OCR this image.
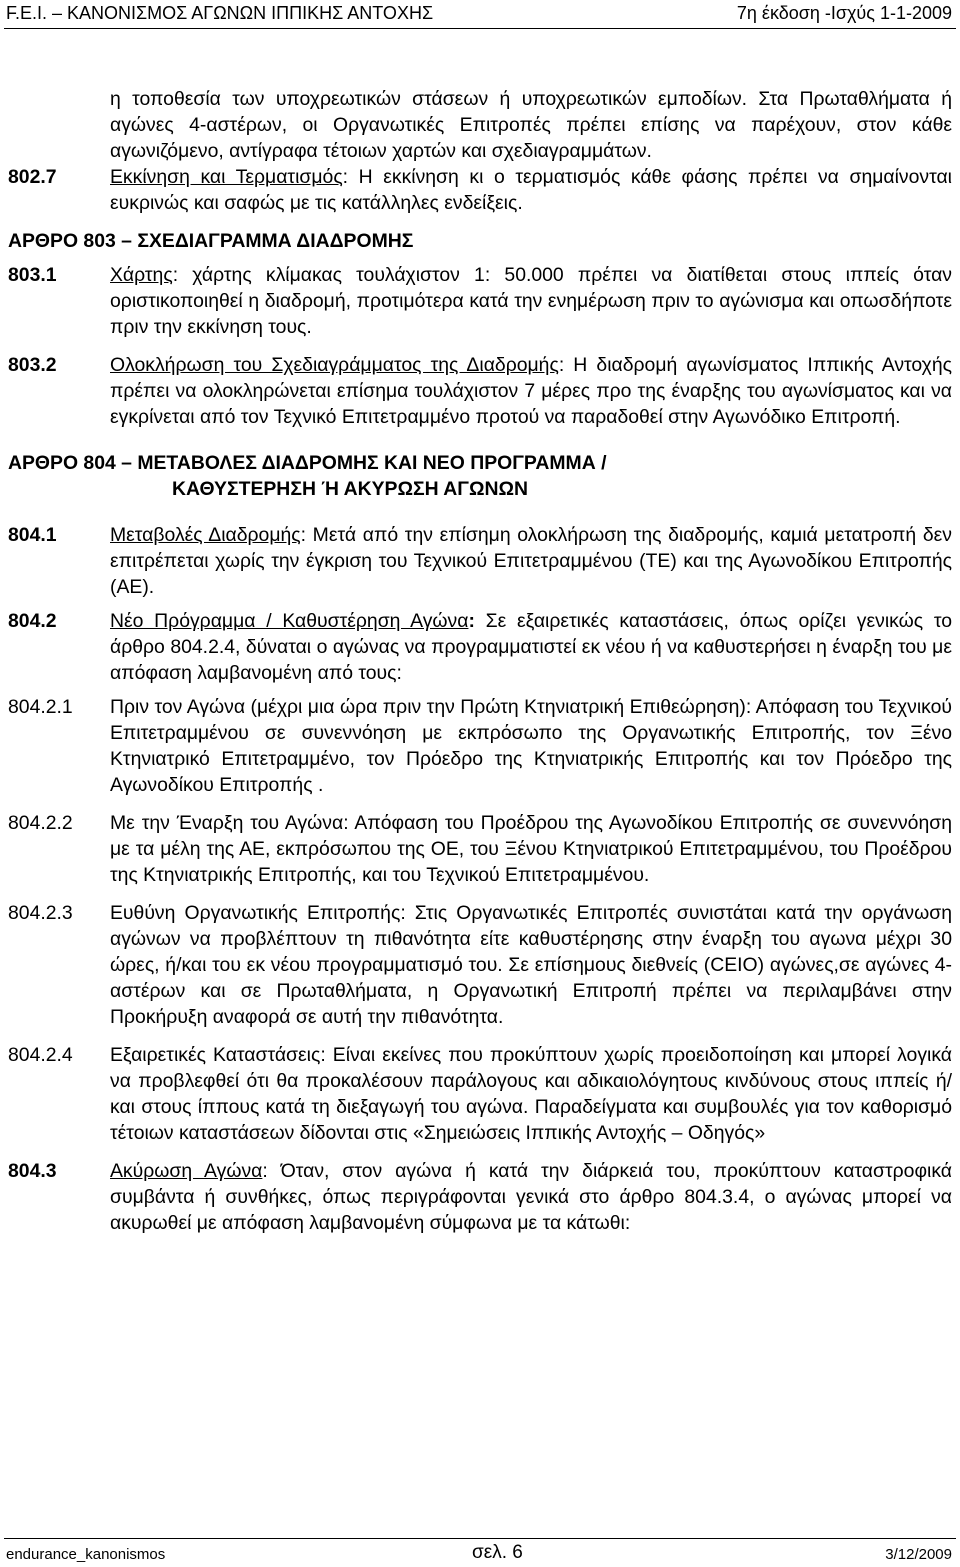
F.E.I. – ΚΑΝΟΝΙΣΜΟΣ ΑΓΩΝΩΝ ΙΠΠΙΚΗΣ ΑΝΤΟΧΗΣ	7η έκδοση -Ισχύς 1-1-2009
η τοποθεσία των υποχρεωτικών στάσεων ή υποχρεωτικών εμποδίων. Στα Πρωταθλήματα ή αγώνες 4-αστέρων, οι Οργανωτικές Επιτροπές πρέπει επίσης να παρέχουν, στον κάθε αγωνιζόμενο, αντίγραφα τέτοιων χαρτών και σχεδιαγραμμάτων.
802.7	Εκκίνηση και Τερματισμός: Η εκκίνηση κι ο τερματισμός κάθε φάσης πρέπει να σημαίνονται ευκρινώς και σαφώς με τις κατάλληλες ενδείξεις.
ΑΡΘΡΟ 803 – ΣΧΕΔΙΑΓΡΑΜΜΑ ΔΙΑΔΡΟΜΗΣ
803.1	Χάρτης: χάρτης κλίμακας τουλάχιστον 1: 50.000 πρέπει να διατίθεται στους ιππείς όταν οριστικοποιηθεί η διαδρομή, προτιμότερα κατά την ενημέρωση πριν το αγώνισμα και οπωσδήποτε πριν την εκκίνηση τους.
803.2	Ολοκλήρωση του Σχεδιαγράμματος της Διαδρομής: Η διαδρομή αγωνίσματος Ιππικής Αντοχής πρέπει να ολοκληρώνεται επίσημα τουλάχιστον 7 μέρες προ της έναρξης του αγωνίσματος και να εγκρίνεται από τον Τεχνικό Επιτετραμμένο προτού να παραδοθεί στην Αγωνόδικο Επιτροπή.
ΑΡΘΡΟ 804 – ΜΕΤΑΒΟΛΕΣ ΔΙΑΔΡΟΜΗΣ ΚΑΙ ΝΕΟ ΠΡΟΓΡΑΜΜΑ /
ΚΑΘΥΣΤΕΡΗΣΗ Ή ΑΚΥΡΩΣΗ ΑΓΩΝΩΝ
804.1	Μεταβολές Διαδρομής: Μετά από την επίσημη ολοκλήρωση της διαδρομής, καμιά μετατροπή δεν επιτρέπεται χωρίς την έγκριση του Τεχνικού Επιτετραμμένου (ΤΕ) και της Αγωνοδίκου Επιτροπής (ΑΕ).
804.2	Νέο Πρόγραμμα / Καθυστέρηση Αγώνα: Σε εξαιρετικές καταστάσεις, όπως ορίζει γενικώς το άρθρο 804.2.4, δύναται ο αγώνας να προγραμματιστεί εκ νέου ή να καθυστερήσει η έναρξη του με απόφαση λαμβανομένη από τους:
804.2.1 Πριν τον Αγώνα (μέχρι μια ώρα πριν την Πρώτη Κτηνιατρική Επιθεώρηση): Απόφαση του Τεχνικού Επιτετραμμένου σε συνεννόηση με εκπρόσωπο της Οργανωτικής Επιτροπής, τον Ξένο Κτηνιατρικό Επιτετραμμένο, τον Πρόεδρο της Κτηνιατρικής Επιτροπής και τον Πρόεδρο της Αγωνοδίκου Επιτροπής .
804.2.2 Με την Έναρξη του Αγώνα: Απόφαση του Προέδρου της Αγωνοδίκου Επιτροπής σε συνεννόηση με τα μέλη της ΑΕ, εκπρόσωπου της ΟΕ, του Ξένου Κτηνιατρικού Επιτετραμμένου, του Προέδρου της Κτηνιατρικής Επιτροπής, και του Τεχνικού Επιτετραμμένου.
804.2.3 Ευθύνη Οργανωτικής Επιτροπής: Στις Οργανωτικές Επιτροπές συνιστάται κατά την οργάνωση αγώνων να προβλέπτουν τη πιθανότητα είτε καθυστέρησης στην έναρξη του αγωνα μέχρι 30 ώρες, ή/και του εκ νέου προγραμματισμό του. Σε επίσημους διεθνείς (CEIO) αγώνες,σε αγώνες 4-αστέρων και σε Πρωταθλήματα, η Οργανωτική Επιτροπή πρέπει να περιλαμβάνει στην Προκήρυξη αναφορά σε αυτή την πιθανότητα.
804.2.4 Εξαιρετικές Καταστάσεις: Είναι εκείνες που προκύπτουν χωρίς προειδοποίηση και μπορεί λογικά να προβλεφθεί ότι θα προκαλέσουν παράλογους και αδικαιολόγητους κινδύνους στους ιππείς ή/και στους ίππους κατά τη διεξαγωγή του αγώνα. Παραδείγματα και συμβουλές για τον καθορισμό τέτοιων καταστάσεων δίδονται στις «Σημειώσεις Ιππικής Αντοχής – Οδηγός»
804.3	Ακύρωση Αγώνα: Όταν, στον αγώνα ή κατά την διάρκειά του, προκύπτουν καταστροφικά συμβάντα ή συνθήκες, όπως περιγράφονται γενικά στο άρθρο 804.3.4, ο αγώνας μπορεί να ακυρωθεί με απόφαση λαμβανομένη σύμφωνα με τα κάτωθι:
endurance_kanonismos	σελ. 6	3/12/2009
